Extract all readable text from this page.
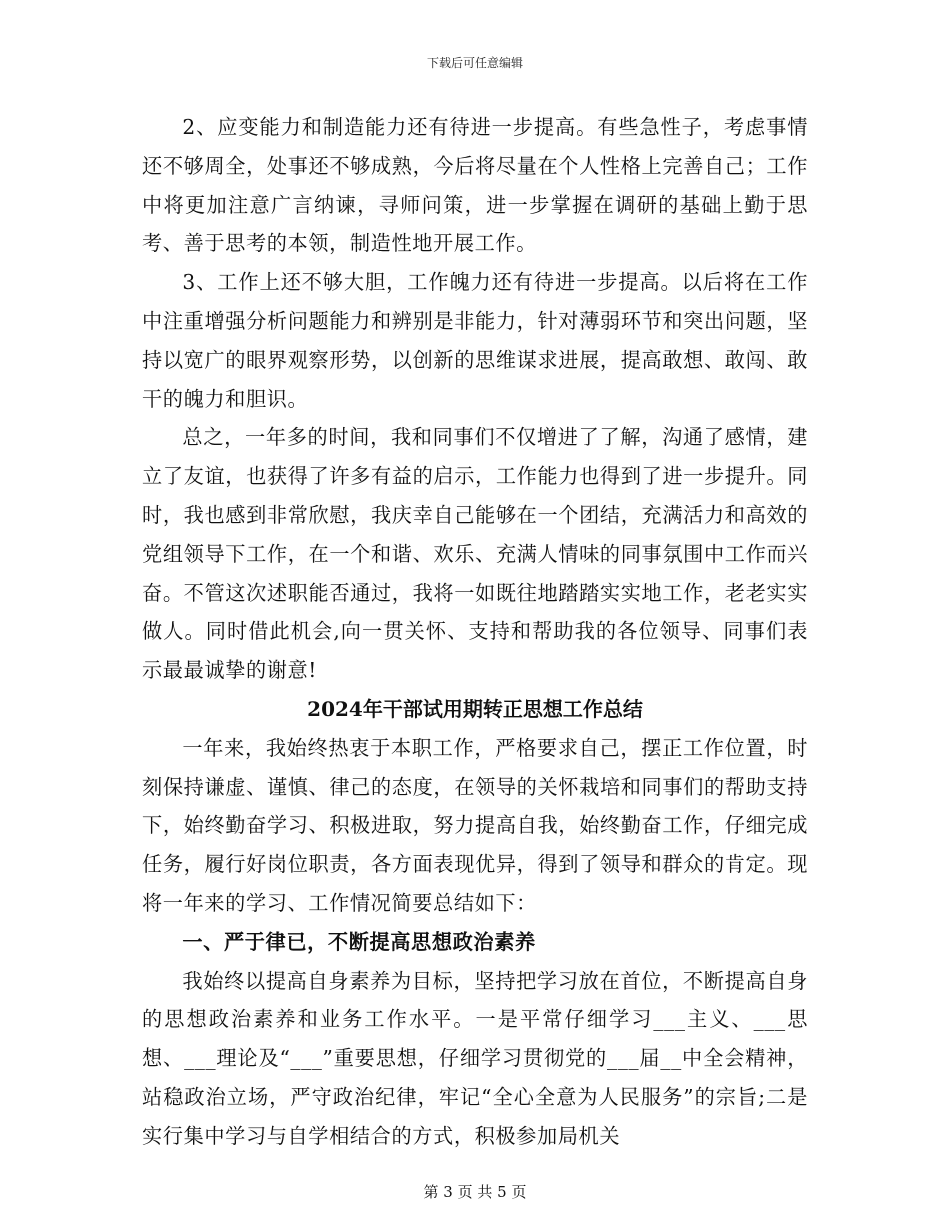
下载后可任意编辑

2、应变能力和制造能力还有待进一步提高。有些急性子，考虑事情还不够周全，处事还不够成熟，今后将尽量在个人性格上完善自己；工作中将更加注意广言纳谏，寻师问策，进一步掌握在调研的基础上勤于思考、善于思考的本领，制造性地开展工作。

3、工作上还不够大胆，工作魄力还有待进一步提高。以后将在工作中注重增强分析问题能力和辨别是非能力，针对薄弱环节和突出问题，坚持以宽广的眼界观察形势，以创新的思维谋求进展，提高敢想、敢闯、敢干的魄力和胆识。

总之，一年多的时间，我和同事们不仅增进了了解，沟通了感情，建立了友谊，也获得了许多有益的启示，工作能力也得到了进一步提升。同时，我也感到非常欣慰，我庆幸自己能够在一个团结，充满活力和高效的党组领导下工作，在一个和谐、欢乐、充满人情味的同事氛围中工作而兴奋。不管这次述职能否通过，我将一如既往地踏踏实实地工作，老老实实做人。同时借此机会,向一贯关怀、支持和帮助我的各位领导、同事们表示最最诚挚的谢意!

2024年干部试用期转正思想工作总结

一年来，我始终热衷于本职工作，严格要求自己，摆正工作位置，时刻保持谦虚、谨慎、律己的态度，在领导的关怀栽培和同事们的帮助支持下，始终勤奋学习、积极进取，努力提高自我，始终勤奋工作，仔细完成任务，履行好岗位职责，各方面表现优异，得到了领导和群众的肯定。现将一年来的学习、工作情况简要总结如下：

一、严于律已，不断提高思想政治素养

我始终以提高自身素养为目标，坚持把学习放在首位，不断提高自身的思想政治素养和业务工作水平。一是平常仔细学习___主义、___思想、___理论及“___”重要思想，仔细学习贯彻党的___届__中全会精神，站稳政治立场，严守政治纪律，牢记“全心全意为人民服务”的宗旨;二是实行集中学习与自学相结合的方式，积极参加局机关

第 3 页 共 5 页
